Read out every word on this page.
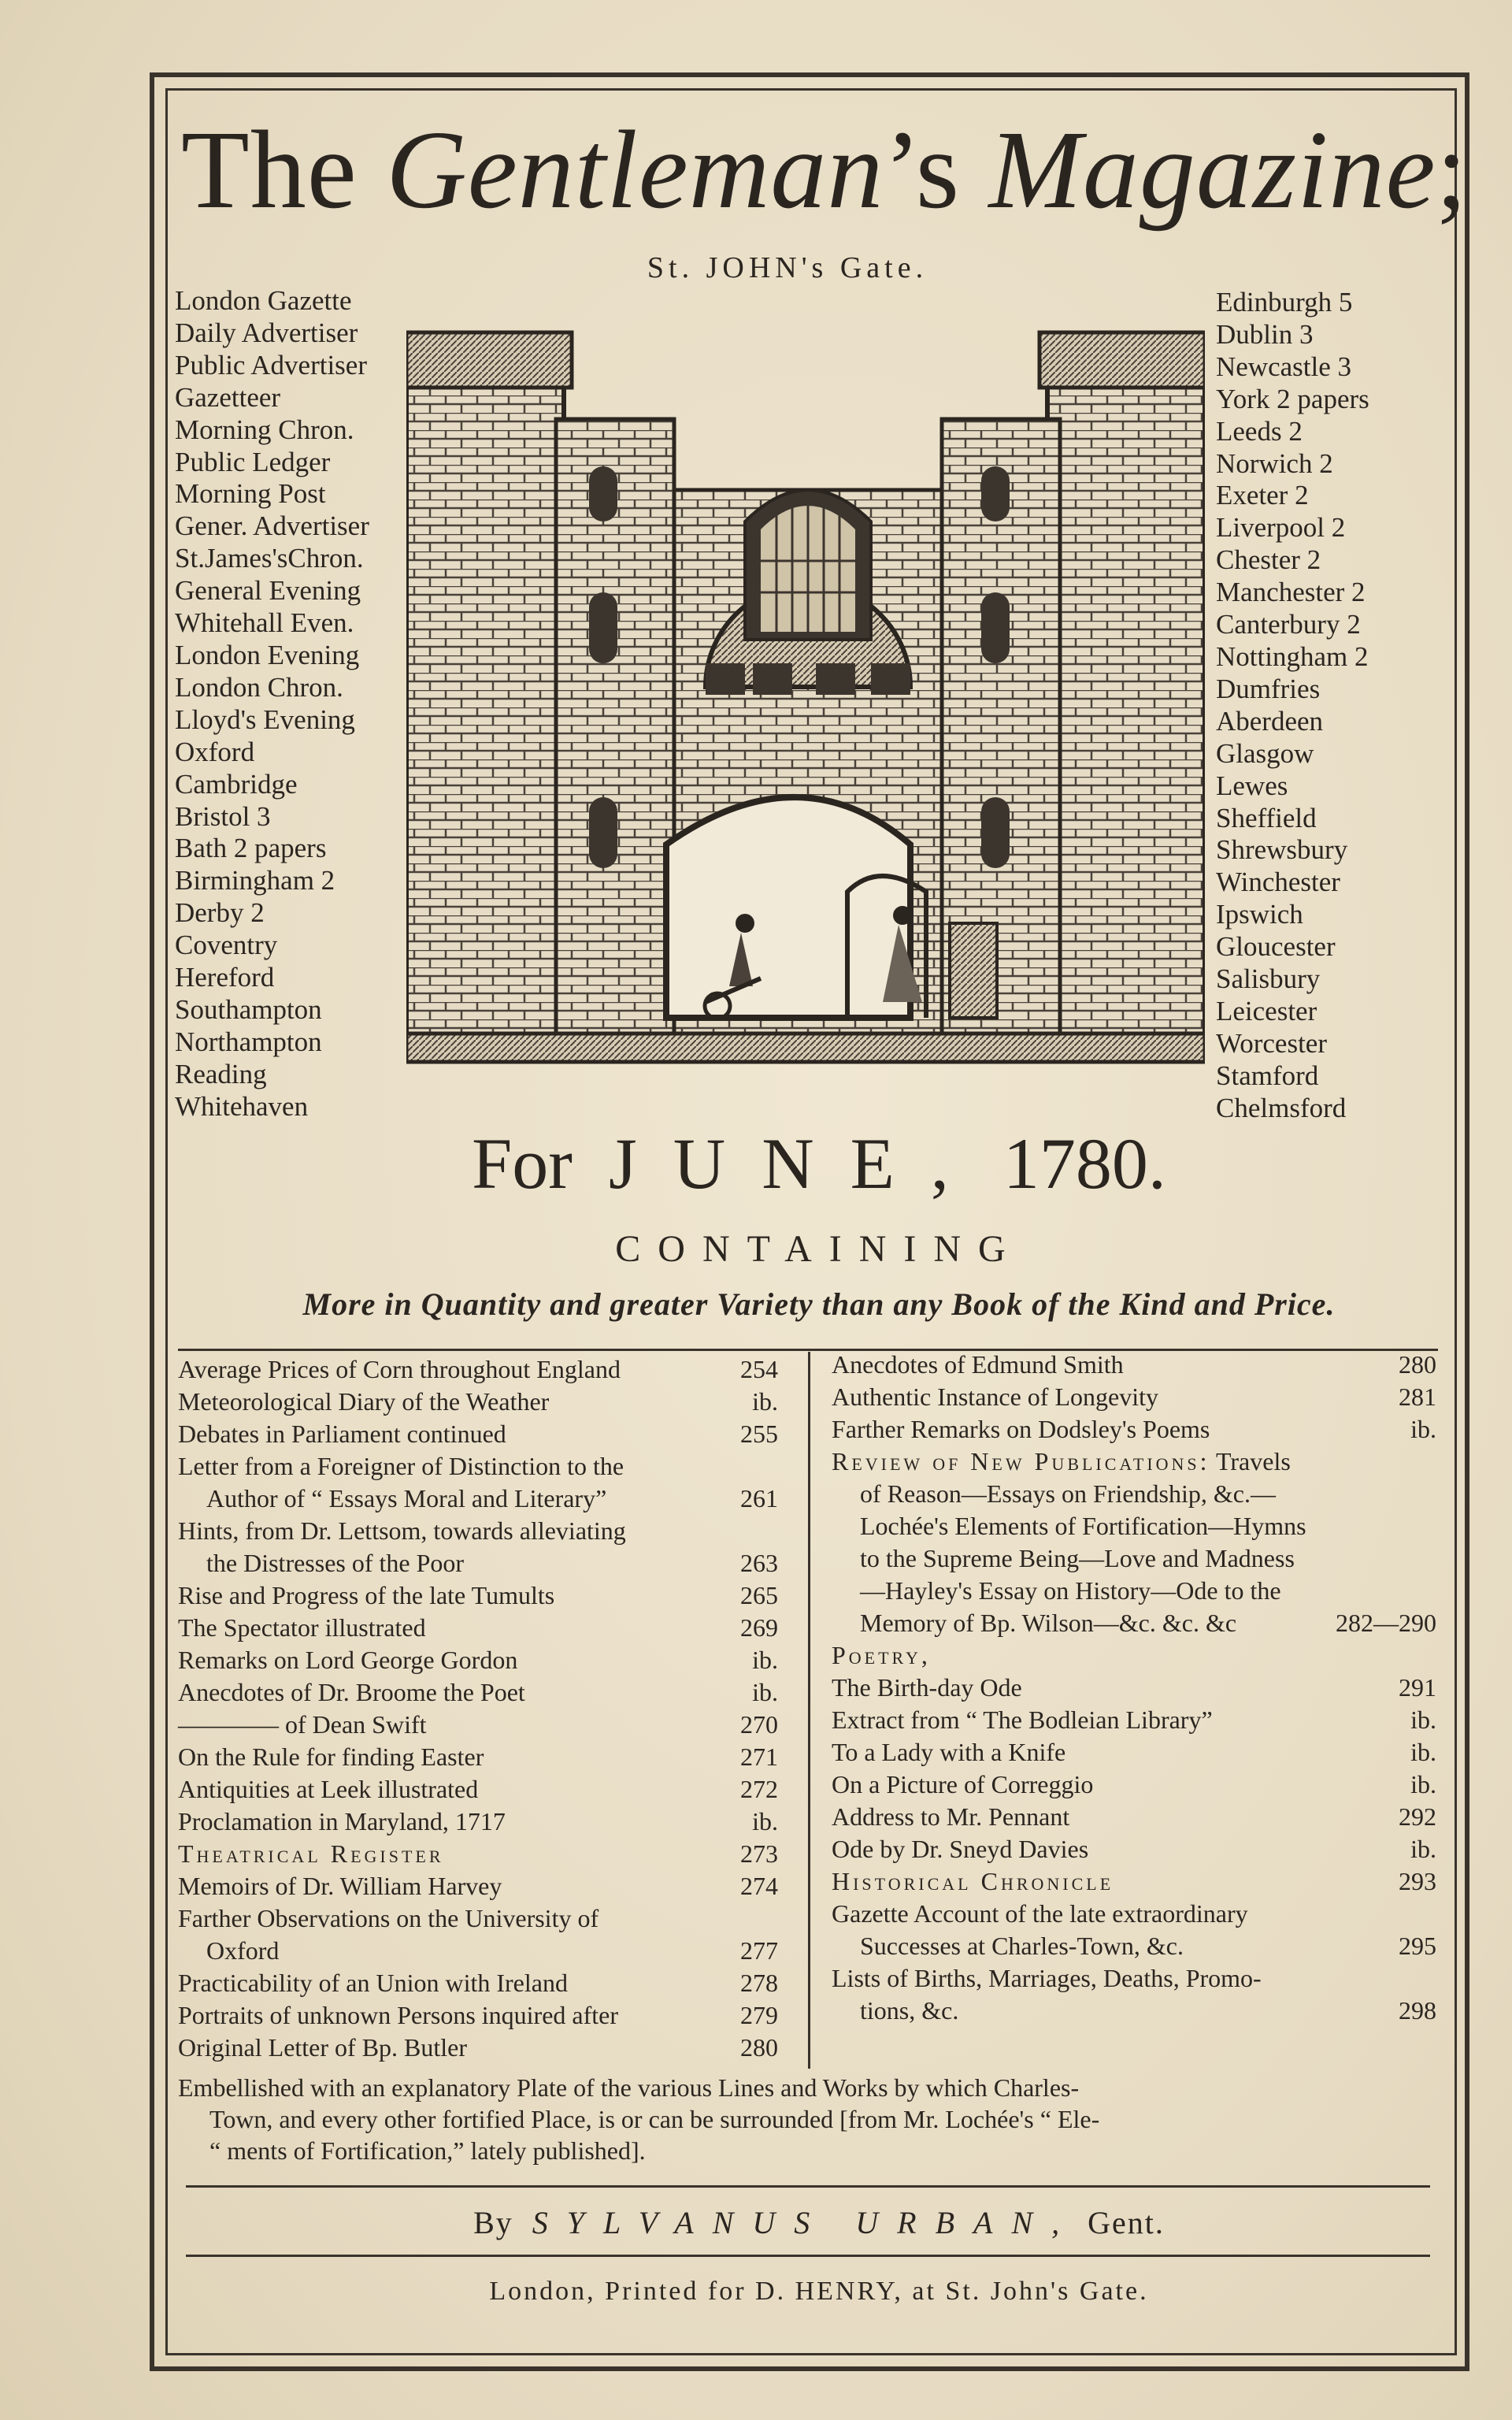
The Gentleman’s Magazine;
St. JOHN's Gate.
London Gazette
Daily Advertiser
Public Advertiser
Gazetteer
Morning Chron.
Public Ledger
Morning Post
Gener. Advertiser
St.James'sChron.
General Evening
Whitehall Even.
London Evening
London Chron.
Lloyd's Evening
Oxford
Cambridge
Bristol 3
Bath 2 papers
Birmingham 2
Derby 2
Coventry
Hereford
Southampton
Northampton
Reading
Whitehaven
Edinburgh 5
Dublin 3
Newcastle 3
York 2 papers
Leeds 2
Norwich 2
Exeter 2
Liverpool 2
Chester 2
Manchester 2
Canterbury 2
Nottingham 2
Dumfries
Aberdeen
Glasgow
Lewes
Sheffield
Shrewsbury
Winchester
Ipswich
Gloucester
Salisbury
Leicester
Worcester
Stamford
Chelmsford
For JUNE, 1780.
CONTAINING
More in Quantity and greater Variety than any Book of the Kind and Price.
Average Prices of Corn throughout England	254
Meteorological Diary of the Weather	ib.
Debates in Parliament continued	255
Letter from a Foreigner of Distinction to the
Author of “ Essays Moral and Literary”	261
Hints, from Dr. Lettsom, towards alleviating
the Distresses of the Poor	263
Rise and Progress of the late Tumults	265
The Spectator illustrated	269
Remarks on Lord George Gordon	ib.
Anecdotes of Dr. Broome the Poet	ib.
———— of Dean Swift	270
On the Rule for finding Easter	271
Antiquities at Leek illustrated	272
Proclamation in Maryland, 1717	ib.
Theatrical Register	273
Memoirs of Dr. William Harvey	274
Farther Observations on the University of
Oxford	277
Practicability of an Union with Ireland	278
Portraits of unknown Persons inquired after	279
Original Letter of Bp. Butler	280
Anecdotes of Edmund Smith	280
Authentic Instance of Longevity	281
Farther Remarks on Dodsley's Poems	ib.
Review of New Publications: Travels
of Reason—Essays on Friendship, &c.—
Lochée's Elements of Fortification—Hymns
to the Supreme Being—Love and Madness
—Hayley's Essay on History—Ode to the
Memory of Bp. Wilson—&c. &c. &c	282—290
Poetry,
The Birth-day Ode	291
Extract from “ The Bodleian Library”	ib.
To a Lady with a Knife	ib.
On a Picture of Correggio	ib.
Address to Mr. Pennant	292
Ode by Dr. Sneyd Davies	ib.
Historical Chronicle	293
Gazette Account of the late extraordinary
Successes at Charles-Town, &c.	295
Lists of Births, Marriages, Deaths, Promo-
tions, &c.	298
Embellished with an explanatory Plate of the various Lines and Works by which Charles-
Town, and every other fortified Place, is or can be surrounded [from Mr. Lochée's “ Ele-
“ ments of Fortification,” lately published].
By SYLVANUS URBAN, Gent.
London, Printed for D. HENRY, at St. John's Gate.
